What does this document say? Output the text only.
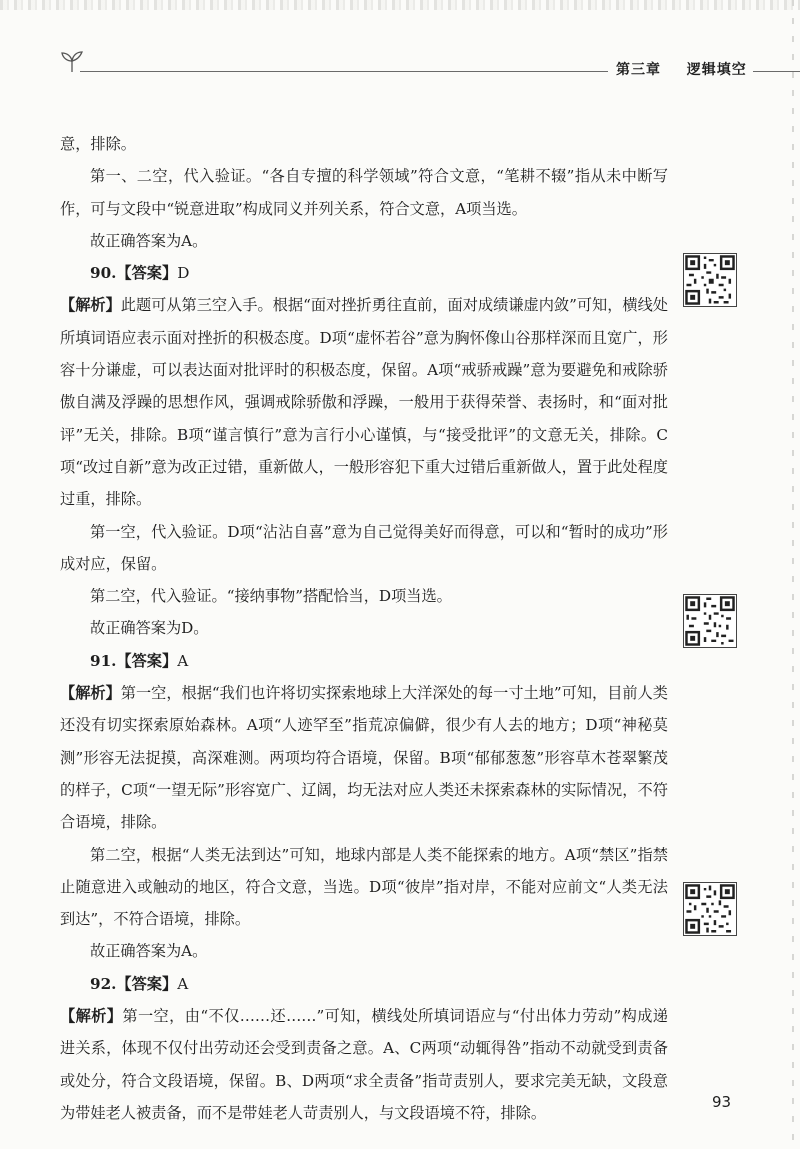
第三章 逻辑填空

意，排除。

第一、二空，代入验证。“各自专擅的科学领域”符合文意，“笔耕不辍”指从未中断写作，可与文段中“锐意进取”构成同义并列关系，符合文意，A项当选。

故正确答案为A。

90.【答案】D

【解析】此题可从第三空入手。根据“面对挫折勇往直前，面对成绩谦虚内敛”可知，横线处所填词语应表示面对挫折的积极态度。D项“虚怀若谷”意为胸怀像山谷那样深而且宽广，形容十分谦虚，可以表达面对批评时的积极态度，保留。A项“戒骄戒躁”意为要避免和戒除骄傲自满及浮躁的思想作风，强调戒除骄傲和浮躁，一般用于获得荣誉、表扬时，和“面对批评”无关，排除。B项“谨言慎行”意为言行小心谨慎，与“接受批评”的文意无关，排除。C项“改过自新”意为改正过错，重新做人，一般形容犯下重大过错后重新做人，置于此处程度过重，排除。

第一空，代入验证。D项“沾沾自喜”意为自己觉得美好而得意，可以和“暂时的成功”形成对应，保留。

第二空，代入验证。“接纳事物”搭配恰当，D项当选。

故正确答案为D。

91.【答案】A

【解析】第一空，根据“我们也许将切实探索地球上大洋深处的每一寸土地”可知，目前人类还没有切实探索原始森林。A项“人迹罕至”指荒凉偏僻，很少有人去的地方；D项“神秘莫测”形容无法捉摸，高深难测。两项均符合语境，保留。B项“郁郁葱葱”形容草木苍翠繁茂的样子，C项“一望无际”形容宽广、辽阔，均无法对应人类还未探索森林的实际情况，不符合语境，排除。

第二空，根据“人类无法到达”可知，地球内部是人类不能探索的地方。A项“禁区”指禁止随意进入或触动的地区，符合文意，当选。D项“彼岸”指对岸，不能对应前文“人类无法到达”，不符合语境，排除。

故正确答案为A。

92.【答案】A

【解析】第一空，由“不仅……还……”可知，横线处所填词语应与“付出体力劳动”构成递进关系，体现不仅付出劳动还会受到责备之意。A、C两项“动辄得咎”指动不动就受到责备或处分，符合文段语境，保留。B、D两项“求全责备”指苛责别人，要求完美无缺，文段意为带娃老人被责备，而不是带娃老人苛责别人，与文段语境不符，排除。

93
